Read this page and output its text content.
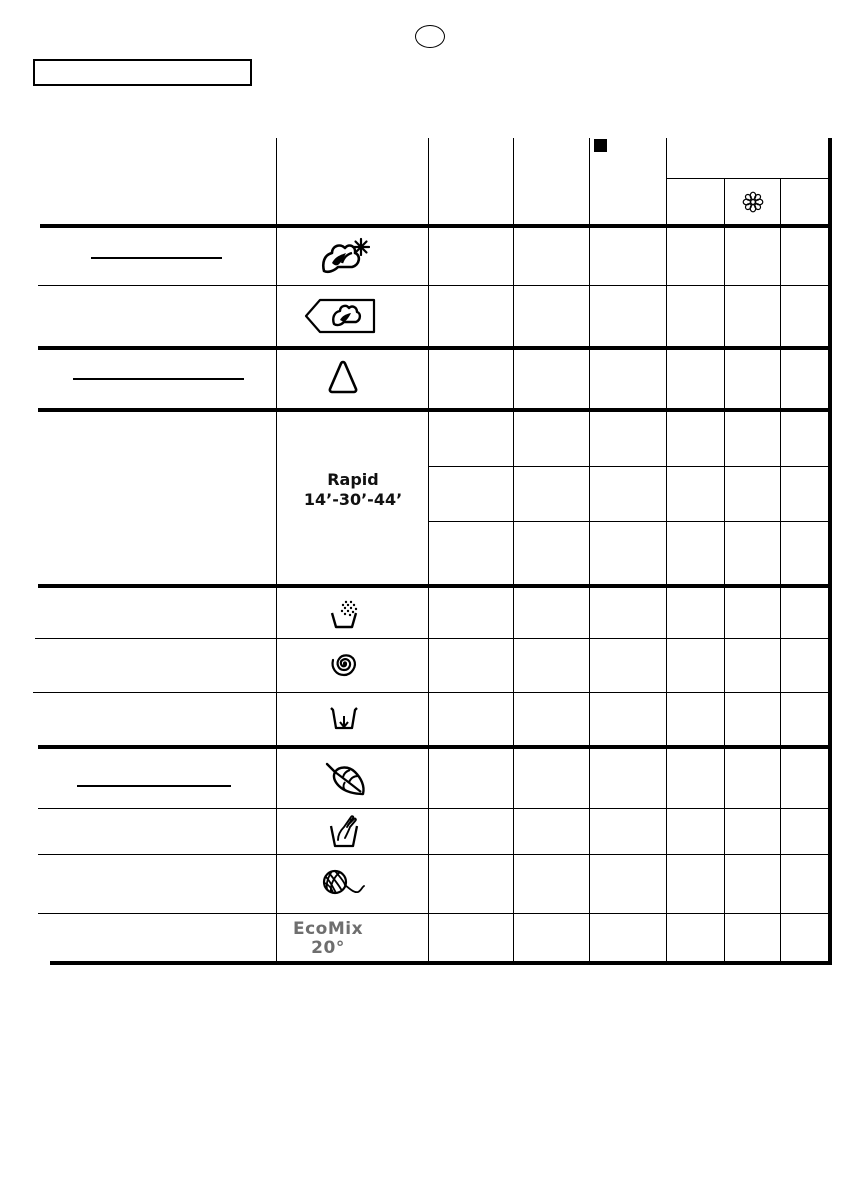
Rapid
14’-30’-44’
EcoMix
20°
